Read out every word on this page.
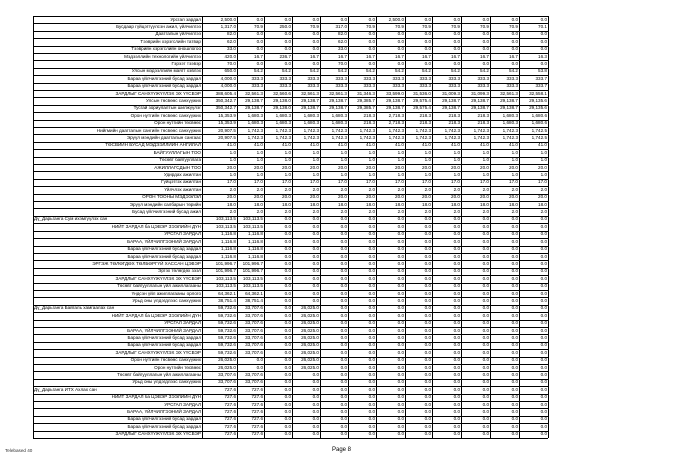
Урсгал зардал	2,500.0	0.0	0.0	0.0	0.0	0.0	2,500.0	0.0	0.0	0.0	0.0	0.0
Бусдаар гүйцэтгүүлсэн ажил, үйлчилгээ	1,317.0	70.9	250.0	70.9	317.0	70.9	70.9	70.9	70.9	70.9	70.9	70.1
Даатгалын үйлчилгээ	82.0	0.0	0.0	0.0	82.0	0.0	0.0	0.0	0.0	0.0	0.0	0.0
Тээврийн хэрэгслийн татвар	62.0	0.0	0.0	0.0	62.0	0.0	0.0	0.0	0.0	0.0	0.0	0.0
Тээврийн хэрэгслийн оношлогоо	33.0	0.0	0.0	0.0	33.0	0.0	0.0	0.0	0.0	0.0	0.0	0.0
Мэдээллийн технологийн үйлчилгээ	420.0	16.7	236.7	16.7	16.7	16.7	16.7	16.7	16.7	16.7	16.7	16.3
Гэрээт тээвэр	70.0	0.0	0.0	0.0	70.0	0.0	0.0	0.0	0.0	0.0	0.0	0.0
Улсын мэдээллийн маягт хэвлэх	650.0	54.2	54.2	54.2	54.2	54.2	54.2	54.2	54.2	54.2	54.2	53.8
Бараа үйлчилгээний бусад зардал	4,000.0	333.3	333.3	333.3	333.3	333.3	333.3	333.3	333.3	333.3	333.3	333.7
Бараа үйлчилгээний бусад зардал	4,000.0	333.3	333.3	333.3	333.3	333.3	333.3	333.3	333.3	333.3	333.3	333.7
ЗАРДЛЫГ САНХҮҮЖҮҮЛЭХ ЭХ ҮҮСВЭР	388,605.4	32,561.3	32,560.6	32,561.3	32,561.3	31,346.3	33,599.0	31,536.0	31,009.3	31,099.3	32,561.3	32,558.1
Улсын төсвөөс санхүүжих	350,342.7	29,138.7	29,138.0	29,138.7	29,138.7	29,385.7	29,138.7	29,575.4	29,138.7	29,138.7	29,138.7	29,135.6
Тусгай зориулалтын шилжүүлэг	350,342.7	29,138.7	29,138.0	29,138.7	29,138.7	29,385.7	29,138.7	29,575.4	29,138.7	29,138.7	29,138.7	29,135.6
Орон нутгийн төсвөөс санхүүжих	15,353.9	1,680.3	1,680.3	1,680.3	1,680.3	218.3	2,718.3	218.3	218.3	218.3	1,680.3	1,680.6
Орон нутгийн төсвөөс	15,353.9	1,680.3	1,680.3	1,680.3	1,680.3	218.3	2,718.3	218.3	218.3	218.3	1,680.3	1,680.6
Нийгмийн даатгалын сангийн төсвөөс санхүүжих	20,907.5	1,742.3	1,742.3	1,742.3	1,742.3	1,742.3	1,742.3	1,742.3	1,742.3	1,742.3	1,742.3	1,742.5
Эрүүл мэндийн даатгалын сангаас	20,907.5	1,742.3	1,742.3	1,742.3	1,742.3	1,742.3	1,742.3	1,742.3	1,742.3	1,742.3	1,742.3	1,742.5
ТӨСВИЙН БУСАД МЭДЭЭЛЛИЙН АНГИЛАЛ	41.0	41.0	41.0	41.0	41.0	41.0	41.0	41.0	41.0	41.0	41.0	41.0
БАЙГУУЛЛАГЫН ТОО	1.0	1.0	1.0	1.0	1.0	1.0	1.0	1.0	1.0	1.0	1.0	1.0
Төсөвт байгууллага	1.0	1.0	1.0	1.0	1.0	1.0	1.0	1.0	1.0	1.0	1.0	1.0
АЖИЛЛАГСДЫН ТОО	20.0	20.0	20.0	20.0	20.0	20.0	20.0	20.0	20.0	20.0	20.0	20.0
Удирдах ажилтан	1.0	1.0	1.0	1.0	1.0	1.0	1.0	1.0	1.0	1.0	1.0	1.0
Гүйцэтгэх ажилтан	17.0	17.0	17.0	17.0	17.0	17.0	17.0	17.0	17.0	17.0	17.0	17.0
Үйлчлэх ажилтан	2.0	2.0	2.0	2.0	2.0	2.0	2.0	2.0	2.0	2.0	2.0	2.0
ОРОН ТООНЫ МЭДЭЭЛЭЛ	20.0	20.0	20.0	20.0	20.0	20.0	20.0	20.0	20.0	20.0	20.0	20.0
Эрүүл мэндийн салбарын төрийн	18.0	18.0	18.0	18.0	18.0	18.0	18.0	18.0	18.0	18.0	18.0	18.0
Бусад үйлчилгээний бусад ажил	2.0	2.0	2.0	2.0	2.0	2.0	2.0	2.0	2.0	2.0	2.0	2.0
Дү_Дарьганга Сум ихэмгүүлэх сан	103,113.5	103,113.5	0.0	0.0	0.0	0.0	0.0	0.0	0.0	0.0	0.0	0.0
НИЙТ ЗАРДАЛ ба ЦЭВЭР ЗЭЭЛИЙН ДҮН	103,113.5	103,113.5	0.0	0.0	0.0	0.0	0.0	0.0	0.0	0.0	0.0	0.0
УРСГАЛ ЗАРДАЛ	1,116.8	1,116.8	0.0	0.0	0.0	0.0	0.0	0.0	0.0	0.0	0.0	0.0
БАРАА, ҮЙЛЧИЛГЭЭНИЙ ЗАРДАЛ	1,116.8	1,116.8	0.0	0.0	0.0	0.0	0.0	0.0	0.0	0.0	0.0	0.0
Бараа үйлчилгээний бусад зардал	1,116.8	1,116.8	0.0	0.0	0.0	0.0	0.0	0.0	0.0	0.0	0.0	0.0
Бараа үйлчилгээний бусад зардал	1,116.8	1,116.8	0.0	0.0	0.0	0.0	0.0	0.0	0.0	0.0	0.0	0.0
ЭРГЭЖ ТӨЛӨГДӨХ ТӨЛБӨРГҮЙ ХАССАН ЦЭВЭР	101,996.7	101,996.7	0.0	0.0	0.0	0.0	0.0	0.0	0.0	0.0	0.0	0.0
Эргэх төлөгдөх зээл	101,996.7	101,996.7	0.0	0.0	0.0	0.0	0.0	0.0	0.0	0.0	0.0	0.0
ЗАРДЛЫГ САНХҮҮЖҮҮЛЭХ ЭХ ҮҮСВЭР	103,113.5	103,113.5	0.0	0.0	0.0	0.0	0.0	0.0	0.0	0.0	0.0	0.0
Төсөвт байгууллагын үйл ажиллагааны	103,113.5	103,113.5	0.0	0.0	0.0	0.0	0.0	0.0	0.0	0.0	0.0	0.0
Үндсэн үйл ажиллагааны орлого	64,362.1	64,362.1	0.0	0.0	0.0	0.0	0.0	0.0	0.0	0.0	0.0	0.0
Урьд оны үлдэгдлээс санхүүжих	38,751.4	38,751.4	0.0	0.0	0.0	0.0	0.0	0.0	0.0	0.0	0.0	0.0
Дү_Дарьганга Байгаль хамгаалах сан	59,732.6	33,707.6	0.0	26,025.0	0.0	0.0	0.0	0.0	0.0	0.0	0.0	0.0
НИЙТ ЗАРДАЛ ба ЦЭВЭР ЗЭЭЛИЙН ДҮН	59,732.6	33,707.6	0.0	26,025.0	0.0	0.0	0.0	0.0	0.0	0.0	0.0	0.0
УРСГАЛ ЗАРДАЛ	59,732.6	33,707.6	0.0	26,025.0	0.0	0.0	0.0	0.0	0.0	0.0	0.0	0.0
БАРАА, ҮЙЛЧИЛГЭЭНИЙ ЗАРДАЛ	59,732.6	33,707.6	0.0	26,025.0	0.0	0.0	0.0	0.0	0.0	0.0	0.0	0.0
Бараа үйлчилгээний бусад зардал	59,732.6	33,707.6	0.0	26,025.0	0.0	0.0	0.0	0.0	0.0	0.0	0.0	0.0
Бараа үйлчилгээний бусад зардал	59,732.6	33,707.6	0.0	26,025.0	0.0	0.0	0.0	0.0	0.0	0.0	0.0	0.0
ЗАРДЛЫГ САНХҮҮЖҮҮЛЭХ ЭХ ҮҮСВЭР	59,732.6	33,707.6	0.0	26,025.0	0.0	0.0	0.0	0.0	0.0	0.0	0.0	0.0
Орон нутгийн төсвөөс санхүүжих	26,025.0	0.0	0.0	26,025.0	0.0	0.0	0.0	0.0	0.0	0.0	0.0	0.0
Орон нутгийн төсвөөс	26,025.0	0.0	0.0	26,025.0	0.0	0.0	0.0	0.0	0.0	0.0	0.0	0.0
Төсөвт байгууллагын үйл ажиллагааны	33,707.6	33,707.6	0.0	0.0	0.0	0.0	0.0	0.0	0.0	0.0	0.0	0.0
Урьд оны үлдэгдлээс санхүүжих	33,707.6	33,707.6	0.0	0.0	0.0	0.0	0.0	0.0	0.0	0.0	0.0	0.0
Дү_Дарьганга ИТХ Ахлах сан	727.6	727.6	0.0	0.0	0.0	0.0	0.0	0.0	0.0	0.0	0.0	0.0
НИЙТ ЗАРДАЛ ба ЦЭВЭР ЗЭЭЛИЙН ДҮН	727.6	727.6	0.0	0.0	0.0	0.0	0.0	0.0	0.0	0.0	0.0	0.0
УРСГАЛ ЗАРДАЛ	727.6	727.6	0.0	0.0	0.0	0.0	0.0	0.0	0.0	0.0	0.0	0.0
БАРАА, ҮЙЛЧИЛГЭЭНИЙ ЗАРДАЛ	727.6	727.6	0.0	0.0	0.0	0.0	0.0	0.0	0.0	0.0	0.0	0.0
Бараа үйлчилгээний бусад зардал	727.6	727.6	0.0	0.0	0.0	0.0	0.0	0.0	0.0	0.0	0.0	0.0
Бараа үйлчилгээний бусад зардал	727.6	727.6	0.0	0.0	0.0	0.0	0.0	0.0	0.0	0.0	0.0	0.0
ЗАРДЛЫГ САНХҮҮЖҮҮЛЭХ ЭХ ҮҮСВЭР	727.6	727.6	0.0	0.0	0.0	0.0	0.0	0.0	0.0	0.0	0.0	0.0
Page 8
Telebased 40
